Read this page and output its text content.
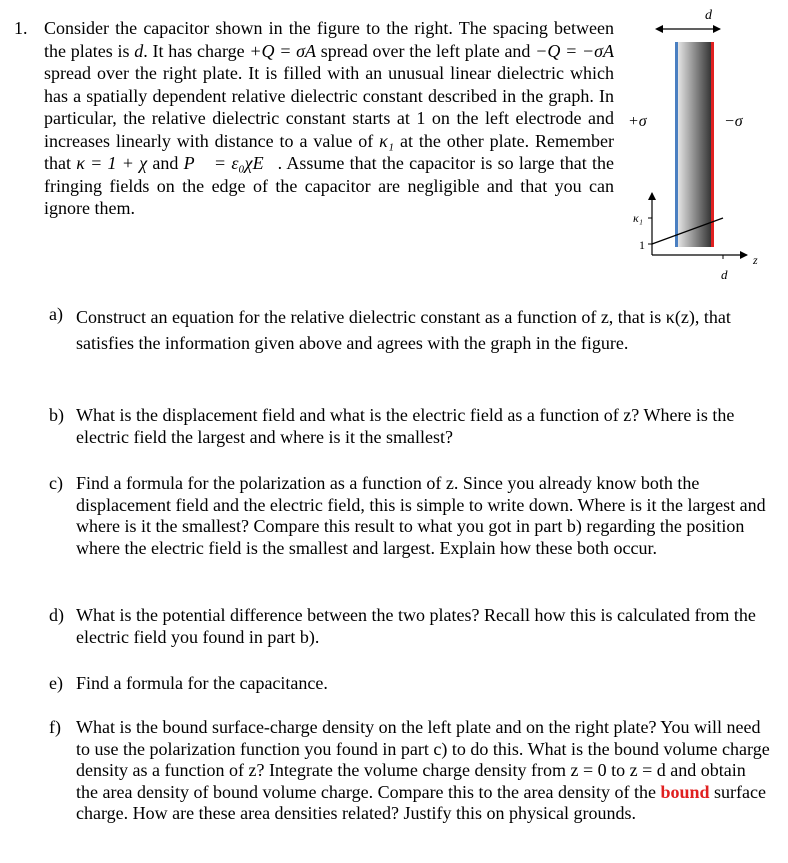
1. Consider the capacitor shown in the figure to the right. The spacing between the plates is d. It has charge +Q = σA spread over the left plate and −Q = −σA spread over the right plate. It is filled with an unusual linear dielectric which has a spatially dependent relative dielectric constant described in the graph. In particular, the relative dielectric constant starts at 1 on the left electrode and increases linearly with distance to a value of κ₁ at the other plate. Remember that κ = 1 + χ and P⃗ = ε₀χE⃗. Assume that the capacitor is so large that the fringing fields on the edge of the capacitor are negligible and that you can ignore them.
d
+σ	−σ
κ₁
1
z
d
a) Construct an equation for the relative dielectric constant as a function of z, that is κ(z), that satisfies the information given above and agrees with the graph in the figure.
b) What is the displacement field and what is the electric field as a function of z? Where is the electric field the largest and where is it the smallest?
c) Find a formula for the polarization as a function of z. Since you already know both the displacement field and the electric field, this is simple to write down. Where is it the largest and where is it the smallest? Compare this result to what you got in part b) regarding the position where the electric field is the smallest and largest. Explain how these both occur.
d) What is the potential difference between the two plates? Recall how this is calculated from the electric field you found in part b).
e) Find a formula for the capacitance.
f) What is the bound surface-charge density on the left plate and on the right plate? You will need to use the polarization function you found in part c) to do this. What is the bound volume charge density as a function of z? Integrate the volume charge density from z = 0 to z = d and obtain the area density of bound volume charge. Compare this to the area density of the bound surface charge. How are these area densities related? Justify this on physical grounds.
